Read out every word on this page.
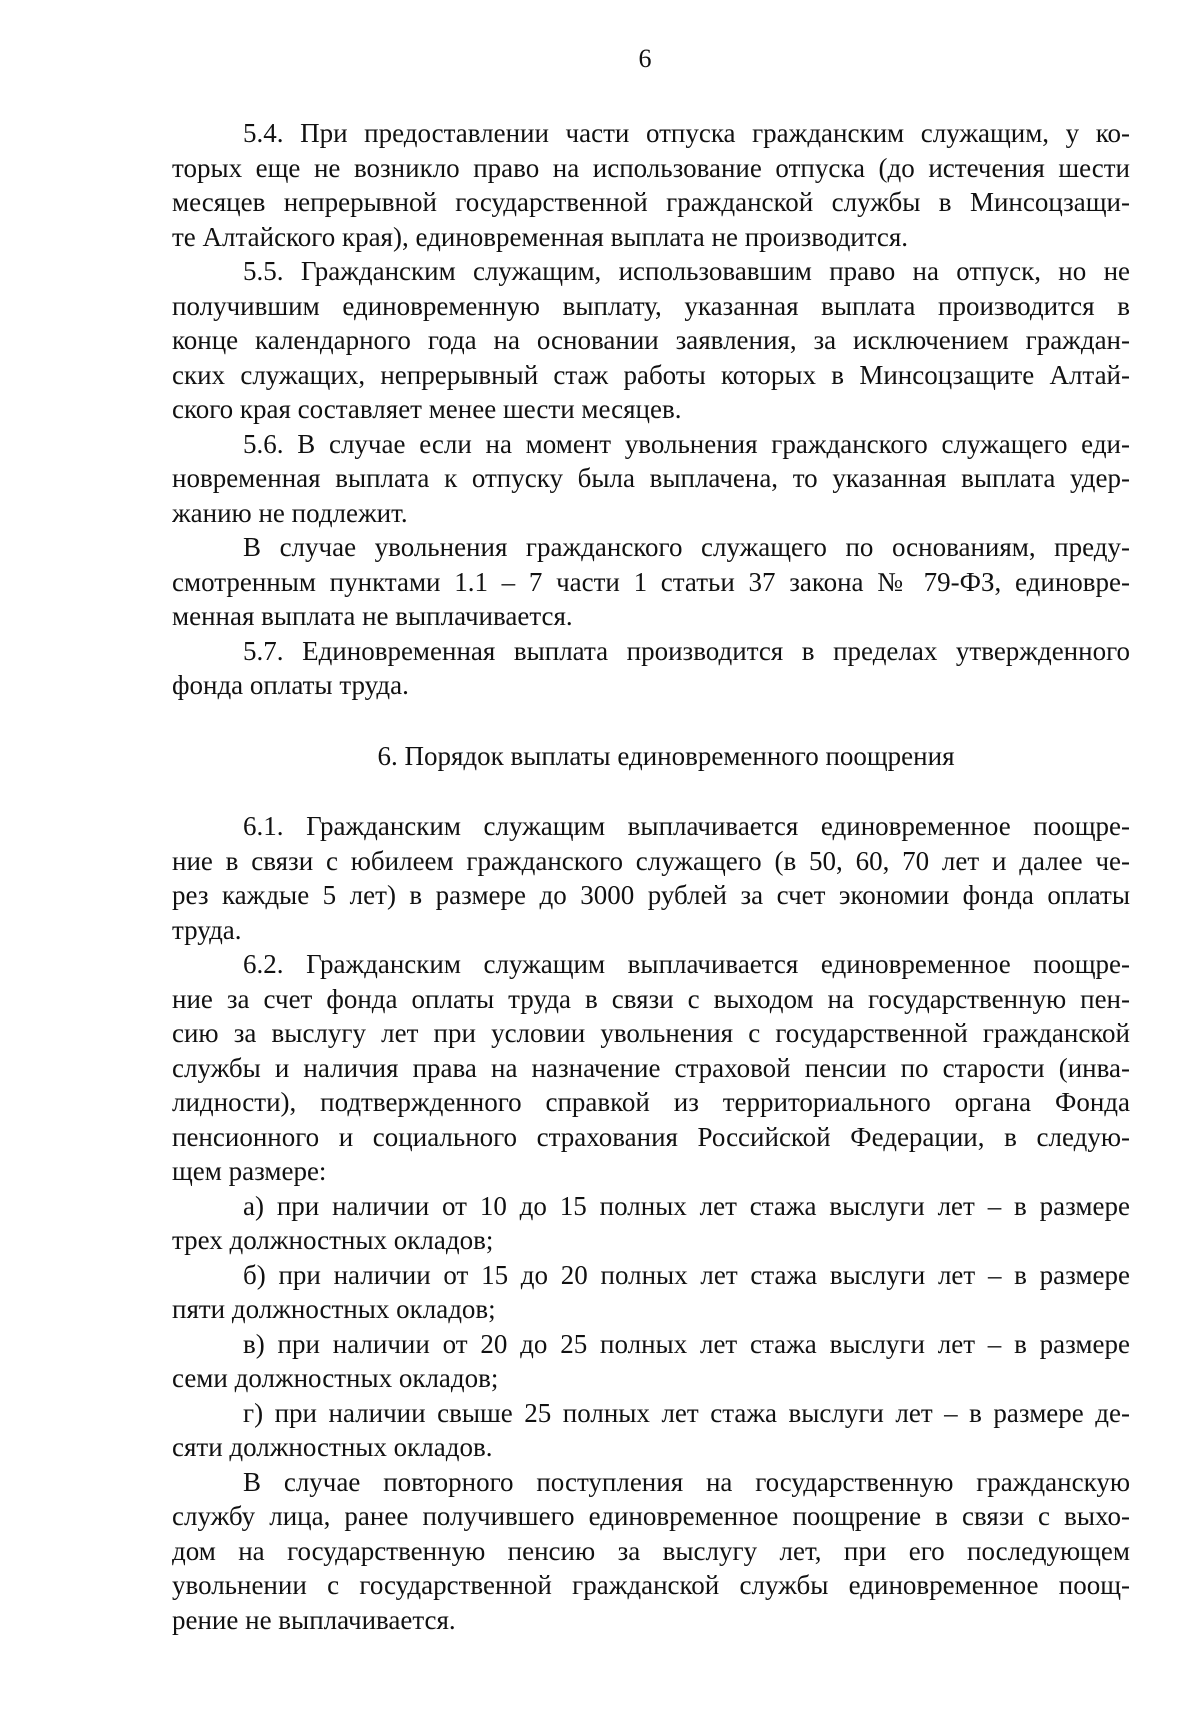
6

5.4. При предоставлении части отпуска гражданским служащим, у ко-
торых еще не возникло право на использование отпуска (до истечения шести
месяцев непрерывной государственной гражданской службы в Минсоцзащи-
те Алтайского края), единовременная выплата не производится.

5.5. Гражданским служащим, использовавшим право на отпуск, но не
получившим единовременную выплату, указанная выплата производится в
конце календарного года на основании заявления, за исключением граждан-
ских служащих, непрерывный стаж работы которых в Минсоцзащите Алтай-
ского края составляет менее шести месяцев.

5.6. В случае если на момент увольнения гражданского служащего еди-
новременная выплата к отпуску была выплачена, то указанная выплата удер-
жанию не подлежит.

В случае увольнения гражданского служащего по основаниям, преду-
смотренным пунктами 1.1 – 7 части 1 статьи 37 закона № 79-ФЗ, единовре-
менная выплата не выплачивается.

5.7. Единовременная выплата производится в пределах утвержденного
фонда оплаты труда.

6. Порядок выплаты единовременного поощрения

6.1. Гражданским служащим выплачивается единовременное поощре-
ние в связи с юбилеем гражданского служащего (в 50, 60, 70 лет и далее че-
рез каждые 5 лет) в размере до 3000 рублей за счет экономии фонда оплаты
труда.

6.2. Гражданским служащим выплачивается единовременное поощре-
ние за счет фонда оплаты труда в связи с выходом на государственную пен-
сию за выслугу лет при условии увольнения с государственной гражданской
службы и наличия права на назначение страховой пенсии по старости (инва-
лидности), подтвержденного справкой из территориального органа Фонда
пенсионного и социального страхования Российской Федерации, в следую-
щем размере:

а) при наличии от 10 до 15 полных лет стажа выслуги лет – в размере
трех должностных окладов;

б) при наличии от 15 до 20 полных лет стажа выслуги лет – в размере
пяти должностных окладов;

в) при наличии от 20 до 25 полных лет стажа выслуги лет – в размере
семи должностных окладов;

г) при наличии свыше 25 полных лет стажа выслуги лет – в размере де-
сяти должностных окладов.

В случае повторного поступления на государственную гражданскую
службу лица, ранее получившего единовременное поощрение в связи с выхо-
дом на государственную пенсию за выслугу лет, при его последующем
увольнении с государственной гражданской службы единовременное поощ-
рение не выплачивается.
